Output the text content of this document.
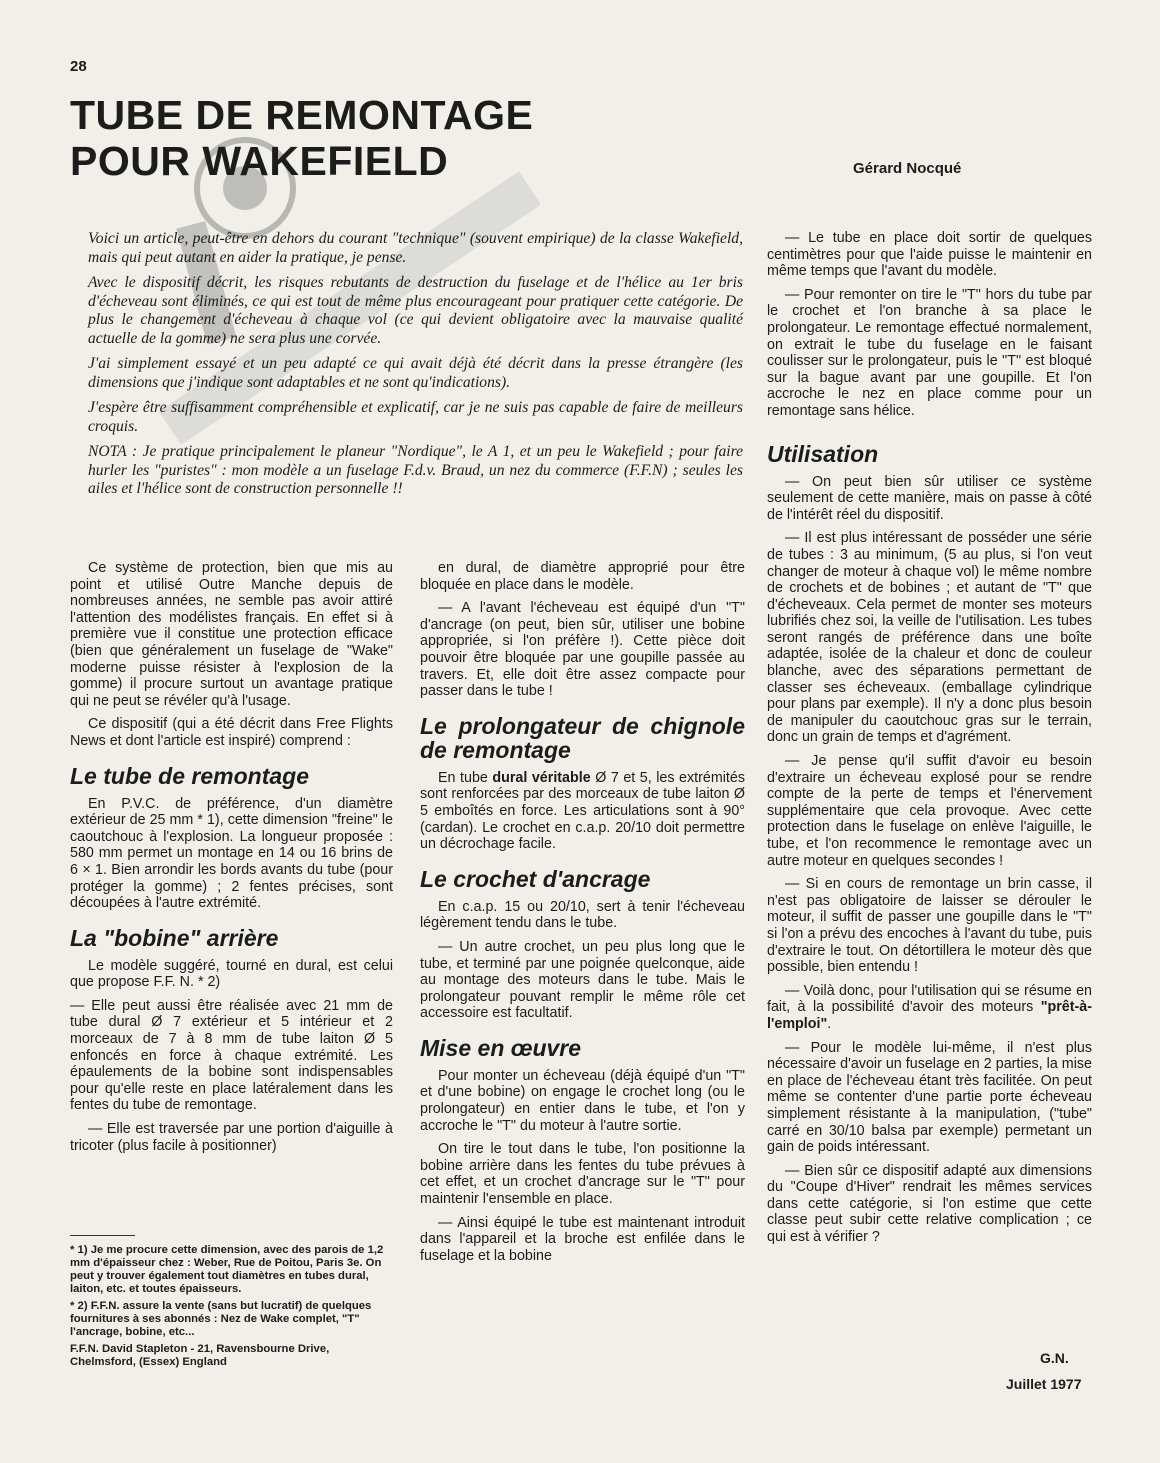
28
TUBE DE REMONTAGE
POUR WAKEFIELD	Gérard Nocqué

Voici un article, peut-être en dehors du courant "technique" (souvent empirique) de la classe Wakefield, mais qui peut autant en aider la pratique, je pense.

Avec le dispositif décrit, les risques rebutants de destruction du fuselage et de l'hélice au 1er bris d'écheveau sont éliminés, ce qui est tout de même plus encourageant pour pratiquer cette catégorie. De plus le changement d'écheveau à chaque vol (ce qui devient obligatoire avec la mauvaise qualité actuelle de la gomme) ne sera plus une corvée.

J'ai simplement essayé et un peu adapté ce qui avait déjà été décrit dans la presse étrangère (les dimensions que j'indique sont adaptables et ne sont qu'indications).

J'espère être suffisamment compréhensible et explicatif, car je ne suis pas capable de faire de meilleurs croquis.

NOTA : Je pratique principalement le planeur "Nordique", le A 1, et un peu le Wakefield ; pour faire hurler les "puristes" : mon modèle a un fuselage F.d.v. Braud, un nez du commerce (F.F.N) ; seules les ailes et l'hélice sont de construction personnelle !!

Ce système de protection, bien que mis au point et utilisé Outre Manche depuis de nombreuses années, ne semble pas avoir attiré l'attention des modélistes français. En effet si à première vue il constitue une protection efficace (bien que généralement un fuselage de "Wake" moderne puisse résister à l'explosion de la gomme) il procure surtout un avantage pratique qui ne peut se révéler qu'à l'usage.

Ce dispositif (qui a été décrit dans Free Flights News et dont l'article est inspiré) comprend :

Le tube de remontage

En P.V.C. de préférence, d'un diamètre extérieur de 25 mm * 1), cette dimension "freine" le caoutchouc à l'explosion. La longueur proposée : 580 mm permet un montage en 14 ou 16 brins de 6 × 1. Bien arrondir les bords avants du tube (pour protéger la gomme) ; 2 fentes précises, sont découpées à l'autre extrémité.

La "bobine" arrière

Le modèle suggéré, tourné en dural, est celui que propose F.F. N. * 2)

— Elle peut aussi être réalisée avec 21 mm de tube dural Ø 7 extérieur et 5 intérieur et 2 morceaux de 7 à 8 mm de tube laiton Ø 5 enfoncés en force à chaque extrémité. Les épaulements de la bobine sont indispensables pour qu'elle reste en place latéralement dans les fentes du tube de remontage.

— Elle est traversée par une portion d'aiguille à tricoter (plus facile à positionner)

* 1) Je me procure cette dimension, avec des parois de 1,2 mm d'épaisseur chez : Weber, Rue de Poitou, Paris 3e. On peut y trouver également tout diamètres en tubes dural, laiton, etc. et toutes épaisseurs.

* 2) F.F.N. assure la vente (sans but lucratif) de quelques fournitures à ses abonnés : Nez de Wake complet, "T" l'ancrage, bobine, etc...

F.F.N. David Stapleton - 21, Ravensbourne Drive, Chelmsford, (Essex) England

en dural, de diamètre approprié pour être bloquée en place dans le modèle.

— A l'avant l'écheveau est équipé d'un "T" d'ancrage (on peut, bien sûr, utiliser une bobine appropriée, si l'on préfère !). Cette pièce doit pouvoir être bloquée par une goupille passée au travers. Et, elle doit être assez compacte pour passer dans le tube !

Le prolongateur de chignole de remontage

En tube dural véritable Ø 7 et 5, les extrémités sont renforcées par des morceaux de tube laiton Ø 5 emboîtés en force. Les articulations sont à 90° (cardan). Le crochet en c.a.p. 20/10 doit permettre un décrochage facile.

Le crochet d'ancrage

En c.a.p. 15 ou 20/10, sert à tenir l'écheveau légèrement tendu dans le tube.

— Un autre crochet, un peu plus long que le tube, et terminé par une poignée quelconque, aide au montage des moteurs dans le tube. Mais le prolongateur pouvant remplir le même rôle cet accessoire est facultatif.

Mise en œuvre

Pour monter un écheveau (déjà équipé d'un "T" et d'une bobine) on engage le crochet long (ou le prolongateur) en entier dans le tube, et l'on y accroche le "T" du moteur à l'autre sortie.

On tire le tout dans le tube, l'on positionne la bobine arrière dans les fentes du tube prévues à cet effet, et un crochet d'ancrage sur le "T" pour maintenir l'ensemble en place.

— Ainsi équipé le tube est maintenant introduit dans l'appareil et la broche est enfilée dans le fuselage et la bobine

— Le tube en place doit sortir de quelques centimètres pour que l'aide puisse le maintenir en même temps que l'avant du modèle.

— Pour remonter on tire le "T" hors du tube par le crochet et l'on branche à sa place le prolongateur. Le remontage effectué normalement, on extrait le tube du fuselage en le faisant coulisser sur le prolongateur, puis le "T" est bloqué sur la bague avant par une goupille. Et l'on accroche le nez en place comme pour un remontage sans hélice.

Utilisation

— On peut bien sûr utiliser ce système seulement de cette manière, mais on passe à côté de l'intérêt réel du dispositif.

— Il est plus intéressant de posséder une série de tubes : 3 au minimum, (5 au plus, si l'on veut changer de moteur à chaque vol) le même nombre de crochets et de bobines ; et autant de "T" que d'écheveaux. Cela permet de monter ses moteurs lubrifiés chez soi, la veille de l'utilisation. Les tubes seront rangés de préférence dans une boîte adaptée, isolée de la chaleur et donc de couleur blanche, avec des séparations permettant de classer ses écheveaux. (emballage cylindrique pour plans par exemple). Il n'y a donc plus besoin de manipuler du caoutchouc gras sur le terrain, donc un grain de temps et d'agrément.

— Je pense qu'il suffit d'avoir eu besoin d'extraire un écheveau explosé pour se rendre compte de la perte de temps et l'énervement supplémentaire que cela provoque. Avec cette protection dans le fuselage on enlève l'aiguille, le tube, et l'on recommence le remontage avec un autre moteur en quelques secondes !

— Si en cours de remontage un brin casse, il n'est pas obligatoire de laisser se dérouler le moteur, il suffit de passer une goupille dans le "T" si l'on a prévu des encoches à l'avant du tube, puis d'extraire le tout. On détortillera le moteur dès que possible, bien entendu !

— Voilà donc, pour l'utilisation qui se résume en fait, à la possibilité d'avoir des moteurs "prêt-à-l'emploi".

— Pour le modèle lui-même, il n'est plus nécessaire d'avoir un fuselage en 2 parties, la mise en place de l'écheveau étant très facilitée. On peut même se contenter d'une partie porte écheveau simplement résistante à la manipulation, ("tube" carré en 30/10 balsa par exemple) permetant un gain de poids intéressant.

— Bien sûr ce dispositif adapté aux dimensions du "Coupe d'Hiver" rendrait les mêmes services dans cette catégorie, si l'on estime que cette classe peut subir cette relative complication ; ce qui est à vérifier ?

G.N.
Juillet 1977
